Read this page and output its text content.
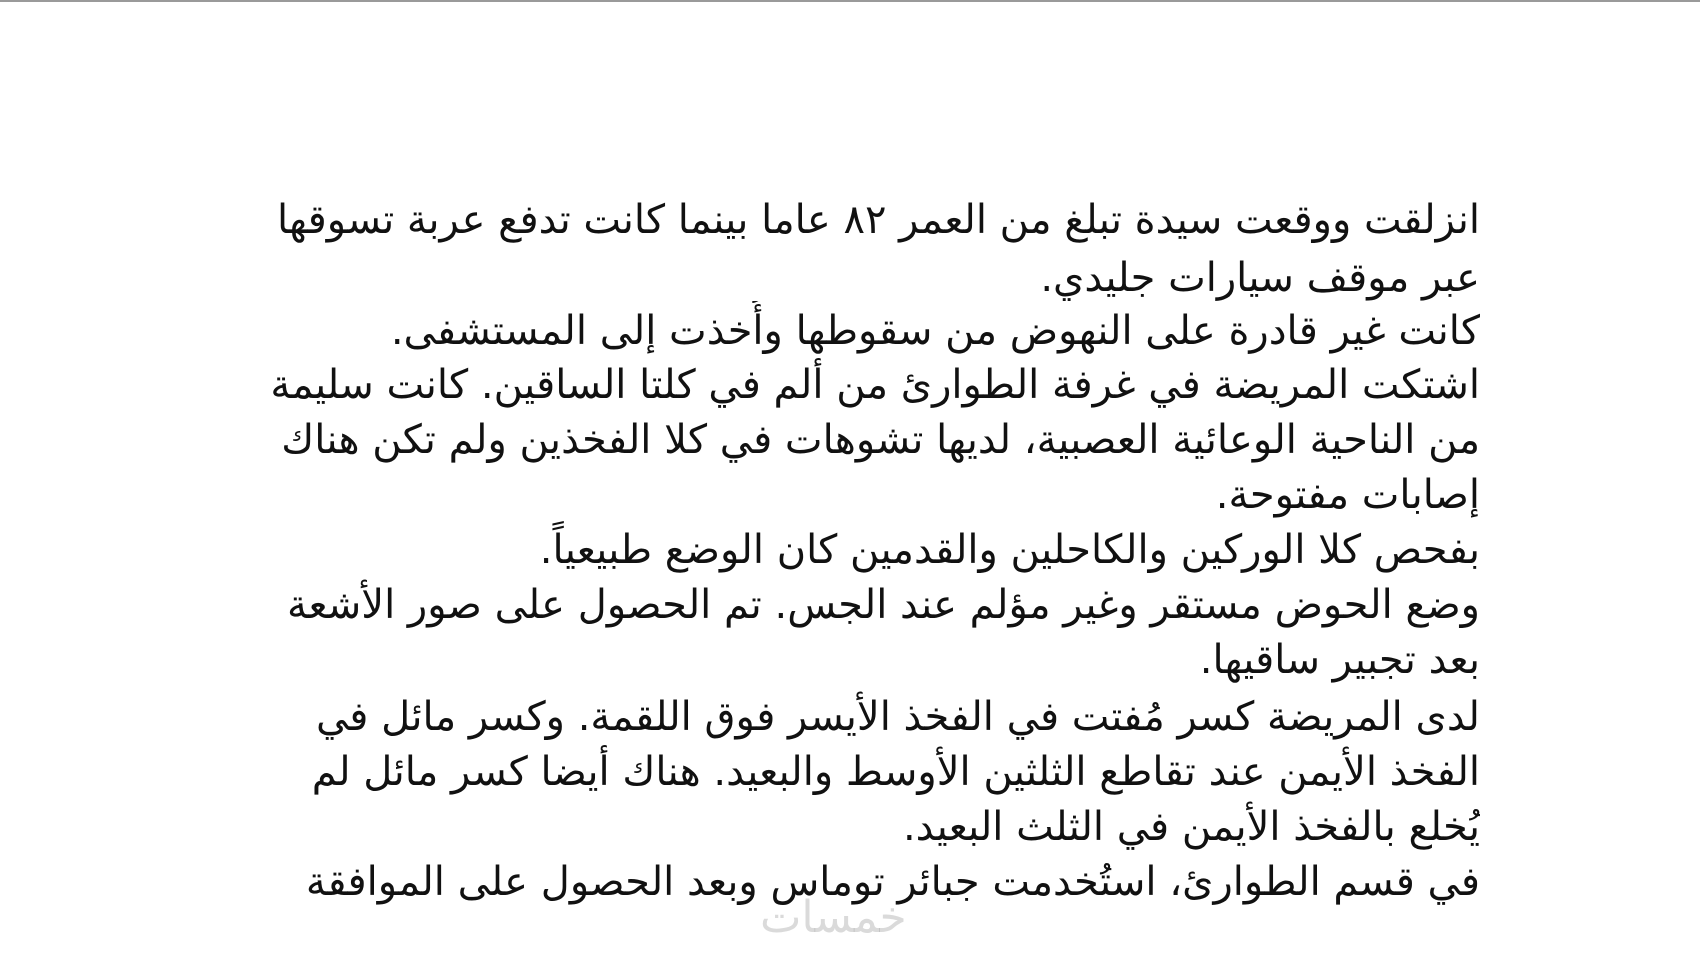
انزلقت ووقعت سيدة تبلغ من العمر ٨٢ عاما بينما كانت تدفع عربة تسوقها
عبر موقف سيارات جليدي.
كانت غير قادرة على النهوض من سقوطها وأُخذت إلى المستشفى.
اشتكت المريضة في غرفة الطوارئ من ألم في كلتا الساقين. كانت سليمة
من الناحية الوعائية العصبية، لديها تشوهات في كلا الفخذين ولم تكن هناك
إصابات مفتوحة.
بفحص كلا الوركين والكاحلين والقدمين كان الوضع طبيعياً.
وضع الحوض مستقر وغير مؤلم عند الجس. تم الحصول على صور الأشعة
بعد تجبير ساقيها.
لدى المريضة كسر مُفتت في الفخذ الأيسر فوق اللقمة. وكسر مائل في
الفخذ الأيمن عند تقاطع الثلثين الأوسط والبعيد. هناك أيضا كسر مائل لم
يُخلع بالفخذ الأيمن في الثلث البعيد.
في قسم الطوارئ، استُخدمت جبائر توماس وبعد الحصول على الموافقة
خمسات
